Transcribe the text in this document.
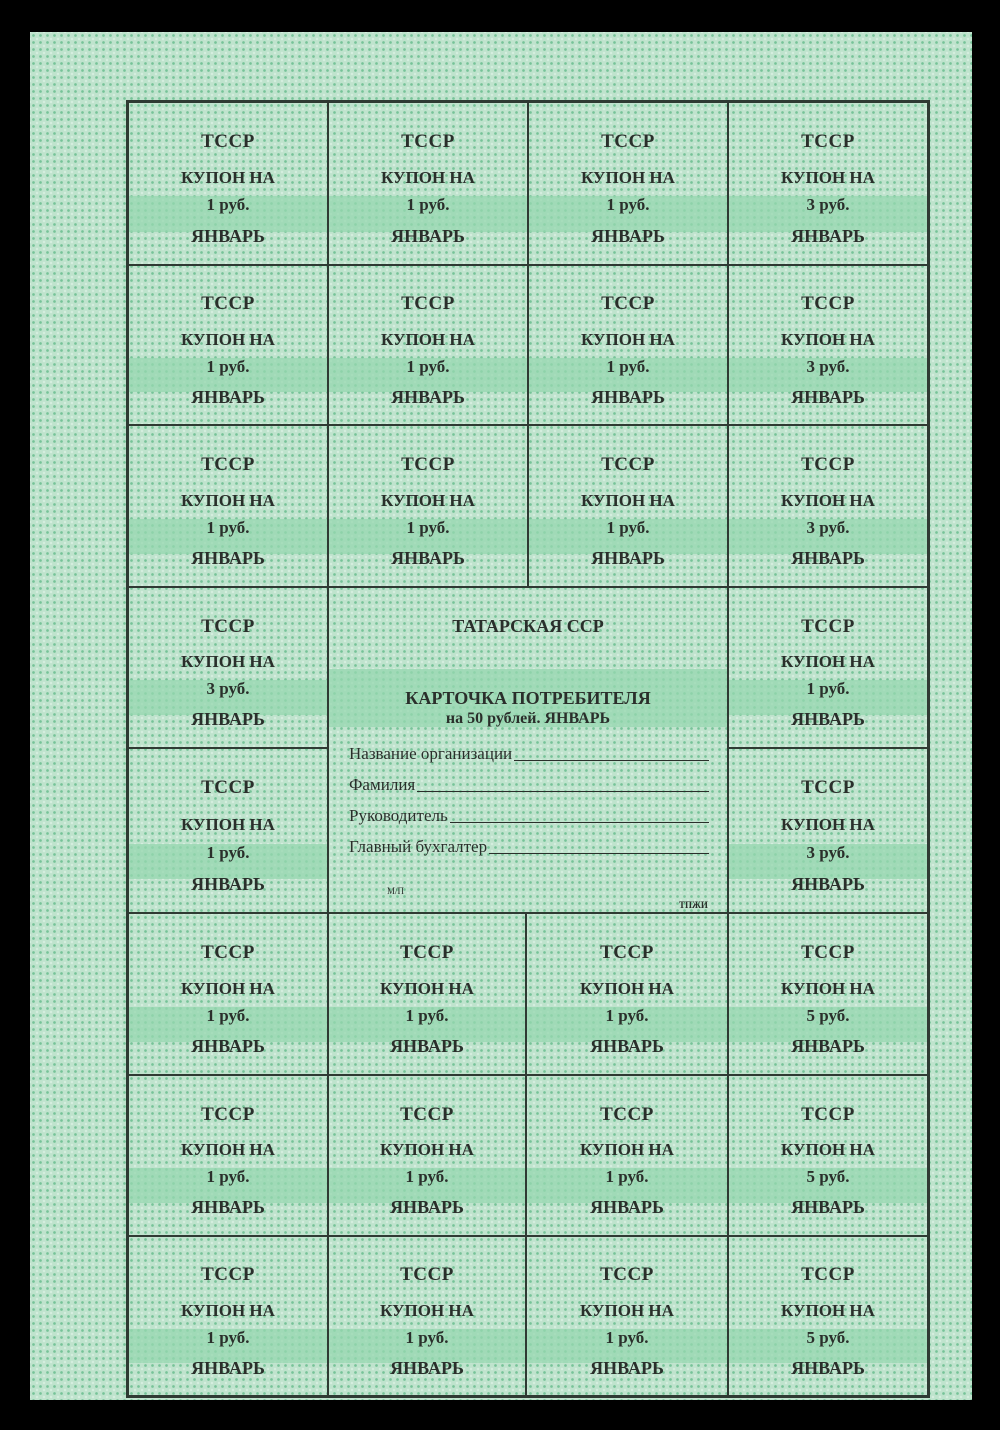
ТССР
КУПОН НА
1 руб.
ЯНВАРЬ
ТССР
КУПОН НА
1 руб.
ЯНВАРЬ
ТССР
КУПОН НА
1 руб.
ЯНВАРЬ
ТССР
КУПОН НА
3 руб.
ЯНВАРЬ
ТССР
КУПОН НА
1 руб.
ЯНВАРЬ
ТССР
КУПОН НА
1 руб.
ЯНВАРЬ
ТССР
КУПОН НА
1 руб.
ЯНВАРЬ
ТССР
КУПОН НА
3 руб.
ЯНВАРЬ
ТССР
КУПОН НА
1 руб.
ЯНВАРЬ
ТССР
КУПОН НА
1 руб.
ЯНВАРЬ
ТССР
КУПОН НА
1 руб.
ЯНВАРЬ
ТССР
КУПОН НА
3 руб.
ЯНВАРЬ
ТССР
КУПОН НА
3 руб.
ЯНВАРЬ
ТССР
КУПОН НА
1 руб.
ЯНВАРЬ
ТССР
КУПОН НА
1 руб.
ЯНВАРЬ
ТССР
КУПОН НА
3 руб.
ЯНВАРЬ
ТАТАРСКАЯ ССР
КАРТОЧКА ПОТРЕБИТЕЛЯ
на 50 рублей. ЯНВАРЬ
Название организации
Фамилия
Руководитель
Главный бухгалтер
М/П
ТПЖИ
ТССР
КУПОН НА
1 руб.
ЯНВАРЬ
ТССР
КУПОН НА
1 руб.
ЯНВАРЬ
ТССР
КУПОН НА
1 руб.
ЯНВАРЬ
ТССР
КУПОН НА
5 руб.
ЯНВАРЬ
ТССР
КУПОН НА
1 руб.
ЯНВАРЬ
ТССР
КУПОН НА
1 руб.
ЯНВАРЬ
ТССР
КУПОН НА
1 руб.
ЯНВАРЬ
ТССР
КУПОН НА
5 руб.
ЯНВАРЬ
ТССР
КУПОН НА
1 руб.
ЯНВАРЬ
ТССР
КУПОН НА
1 руб.
ЯНВАРЬ
ТССР
КУПОН НА
1 руб.
ЯНВАРЬ
ТССР
КУПОН НА
5 руб.
ЯНВАРЬ
